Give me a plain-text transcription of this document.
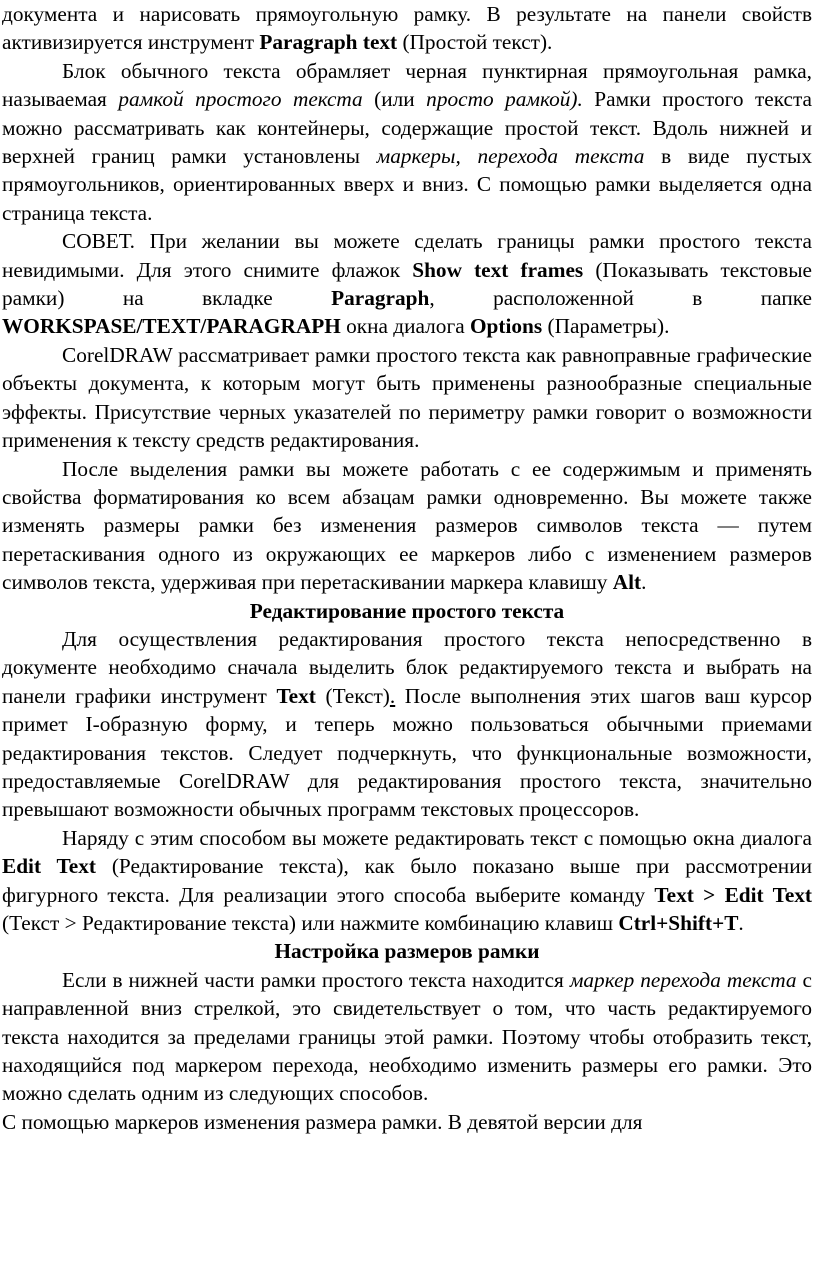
документа и нарисовать прямоугольную рамку. В результате на панели свойств активизируется инструмент Paragraph text (Простой текст).

Блок обычного текста обрамляет черная пунктирная прямоугольная рамка, называемая рамкой простого текста (или просто рамкой). Рамки простого текста можно рассматривать как контейнеры, содержащие простой текст. Вдоль нижней и верхней границ рамки установлены маркеры, перехода текста в виде пустых прямоугольников, ориентированных вверх и вниз. С помощью рамки выделяется одна страница текста.

СОВЕТ. При желании вы можете сделать границы рамки простого текста невидимыми. Для этого снимите флажок Show text frames (Показывать текстовые рамки) на вкладке Paragraph, расположенной в папке WORKSPASE/TEXT/PARAGRAPH окна диалога Options (Параметры).

CorelDRAW рассматривает рамки простого текста как равноправные графические объекты документа, к которым могут быть применены разнообразные специальные эффекты. Присутствие черных указателей по периметру рамки говорит о возможности применения к тексту средств редактирования.

После выделения рамки вы можете работать с ее содержимым и применять свойства форматирования ко всем абзацам рамки одновременно. Вы можете также изменять размеры рамки без изменения размеров символов текста — путем перетаскивания одного из окружающих ее маркеров либо с изменением размеров символов текста, удерживая при перетаскивании маркера клавишу Alt.

Редактирование простого текста

Для осуществления редактирования простого текста непосредственно в документе необходимо сначала выделить блок редактируемого текста и выбрать на панели графики инструмент Text (Текст). После выполнения этих шагов ваш курсор примет I-образную форму, и теперь можно пользоваться обычными приемами редактирования текстов. Следует подчеркнуть, что функциональные возможности, предоставляемые CorelDRAW для редактирования простого текста, значительно превышают возможности обычных программ текстовых процессоров.

Наряду с этим способом вы можете редактировать текст с помощью окна диалога Edit Text (Редактирование текста), как было показано выше при рассмотрении фигурного текста. Для реализации этого способа выберите команду Text > Edit Text (Текст > Редактирование текста) или нажмите комбинацию клавиш Ctrl+Shift+T.

Настройка размеров рамки

Если в нижней части рамки простого текста находится маркер перехода текста с направленной вниз стрелкой, это свидетельствует о том, что часть редактируемого текста находится за пределами границы этой рамки. Поэтому чтобы отобразить текст, находящийся под маркером перехода, необходимо изменить размеры его рамки. Это можно сделать одним из следующих способов.

С помощью маркеров изменения размера рамки. В девятой версии для
